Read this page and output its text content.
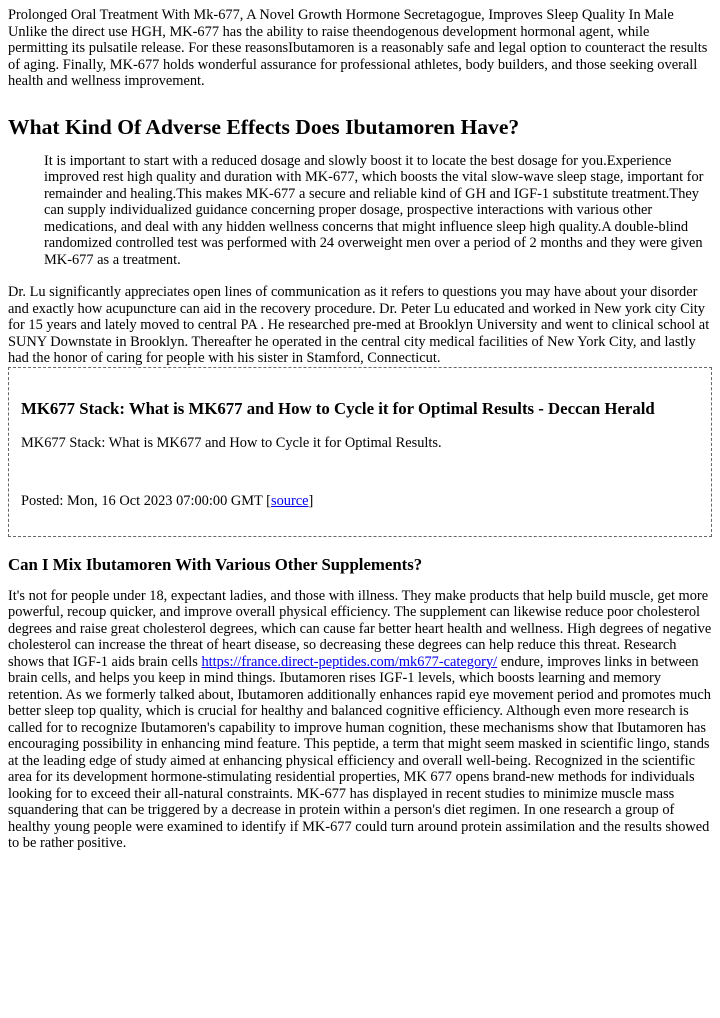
Prolonged Oral Treatment With Mk-677, A Novel Growth Hormone Secretagogue, Improves Sleep Quality In Male Unlike the direct use HGH, MK-677 has the ability to raise theendogenous development hormonal agent, while permitting its pulsatile release. For these reasonsIbutamoren is a reasonably safe and legal option to counteract the results of aging. Finally, MK-677 holds wonderful assurance for professional athletes, body builders, and those seeking overall health and wellness improvement.

What Kind Of Adverse Effects Does Ibutamoren Have?
It is important to start with a reduced dosage and slowly boost it to locate the best dosage for you.Experience improved rest high quality and duration with MK-677, which boosts the vital slow-wave sleep stage, important for remainder and healing.This makes MK-677 a secure and reliable kind of GH and IGF-1 substitute treatment.They can supply individualized guidance concerning proper dosage, prospective interactions with various other medications, and deal with any hidden wellness concerns that might influence sleep high quality.A double-blind randomized controlled test was performed with 24 overweight men over a period of 2 months and they were given MK-677 as a treatment.

Dr. Lu significantly appreciates open lines of communication as it refers to questions you may have about your disorder and exactly how acupuncture can aid in the recovery procedure. Dr. Peter Lu educated and worked in New york city City for 15 years and lately moved to central PA . He researched pre-med at Brooklyn University and went to clinical school at SUNY Downstate in Brooklyn. Thereafter he operated in the central city medical facilities of New York City, and lastly had the honor of caring for people with his sister in Stamford, Connecticut.

MK677 Stack: What is MK677 and How to Cycle it for Optimal Results - Deccan Herald
MK677 Stack: What is MK677 and How to Cycle it for Optimal Results.
Posted: Mon, 16 Oct 2023 07:00:00 GMT [source]
Can I Mix Ibutamoren With Various Other Supplements?

It's not for people under 18, expectant ladies, and those with illness. They make products that help build muscle, get more powerful, recoup quicker, and improve overall physical efficiency. The supplement can likewise reduce poor cholesterol degrees and raise great cholesterol degrees, which can cause far better heart health and wellness. High degrees of negative cholesterol can increase the threat of heart disease, so decreasing these degrees can help reduce this threat. Research shows that IGF-1 aids brain cells https://france.direct-peptides.com/mk677-category/ endure, improves links in between brain cells, and helps you keep in mind things. Ibutamoren rises IGF-1 levels, which boosts learning and memory retention. As we formerly talked about, Ibutamoren additionally enhances rapid eye movement period and promotes much better sleep top quality, which is crucial for healthy and balanced cognitive efficiency. Although even more research is called for to recognize Ibutamoren's capability to improve human cognition, these mechanisms show that Ibutamoren has encouraging possibility in enhancing mind feature. This peptide, a term that might seem masked in scientific lingo, stands at the leading edge of study aimed at enhancing physical efficiency and overall well-being. Recognized in the scientific area for its development hormone-stimulating residential properties, MK 677 opens brand-new methods for individuals looking for to exceed their all-natural constraints. MK-677 has displayed in recent studies to minimize muscle mass squandering that can be triggered by a decrease in protein within a person's diet regimen. In one research a group of healthy young people were examined to identify if MK-677 could turn around protein assimilation and the results showed to be rather positive.
